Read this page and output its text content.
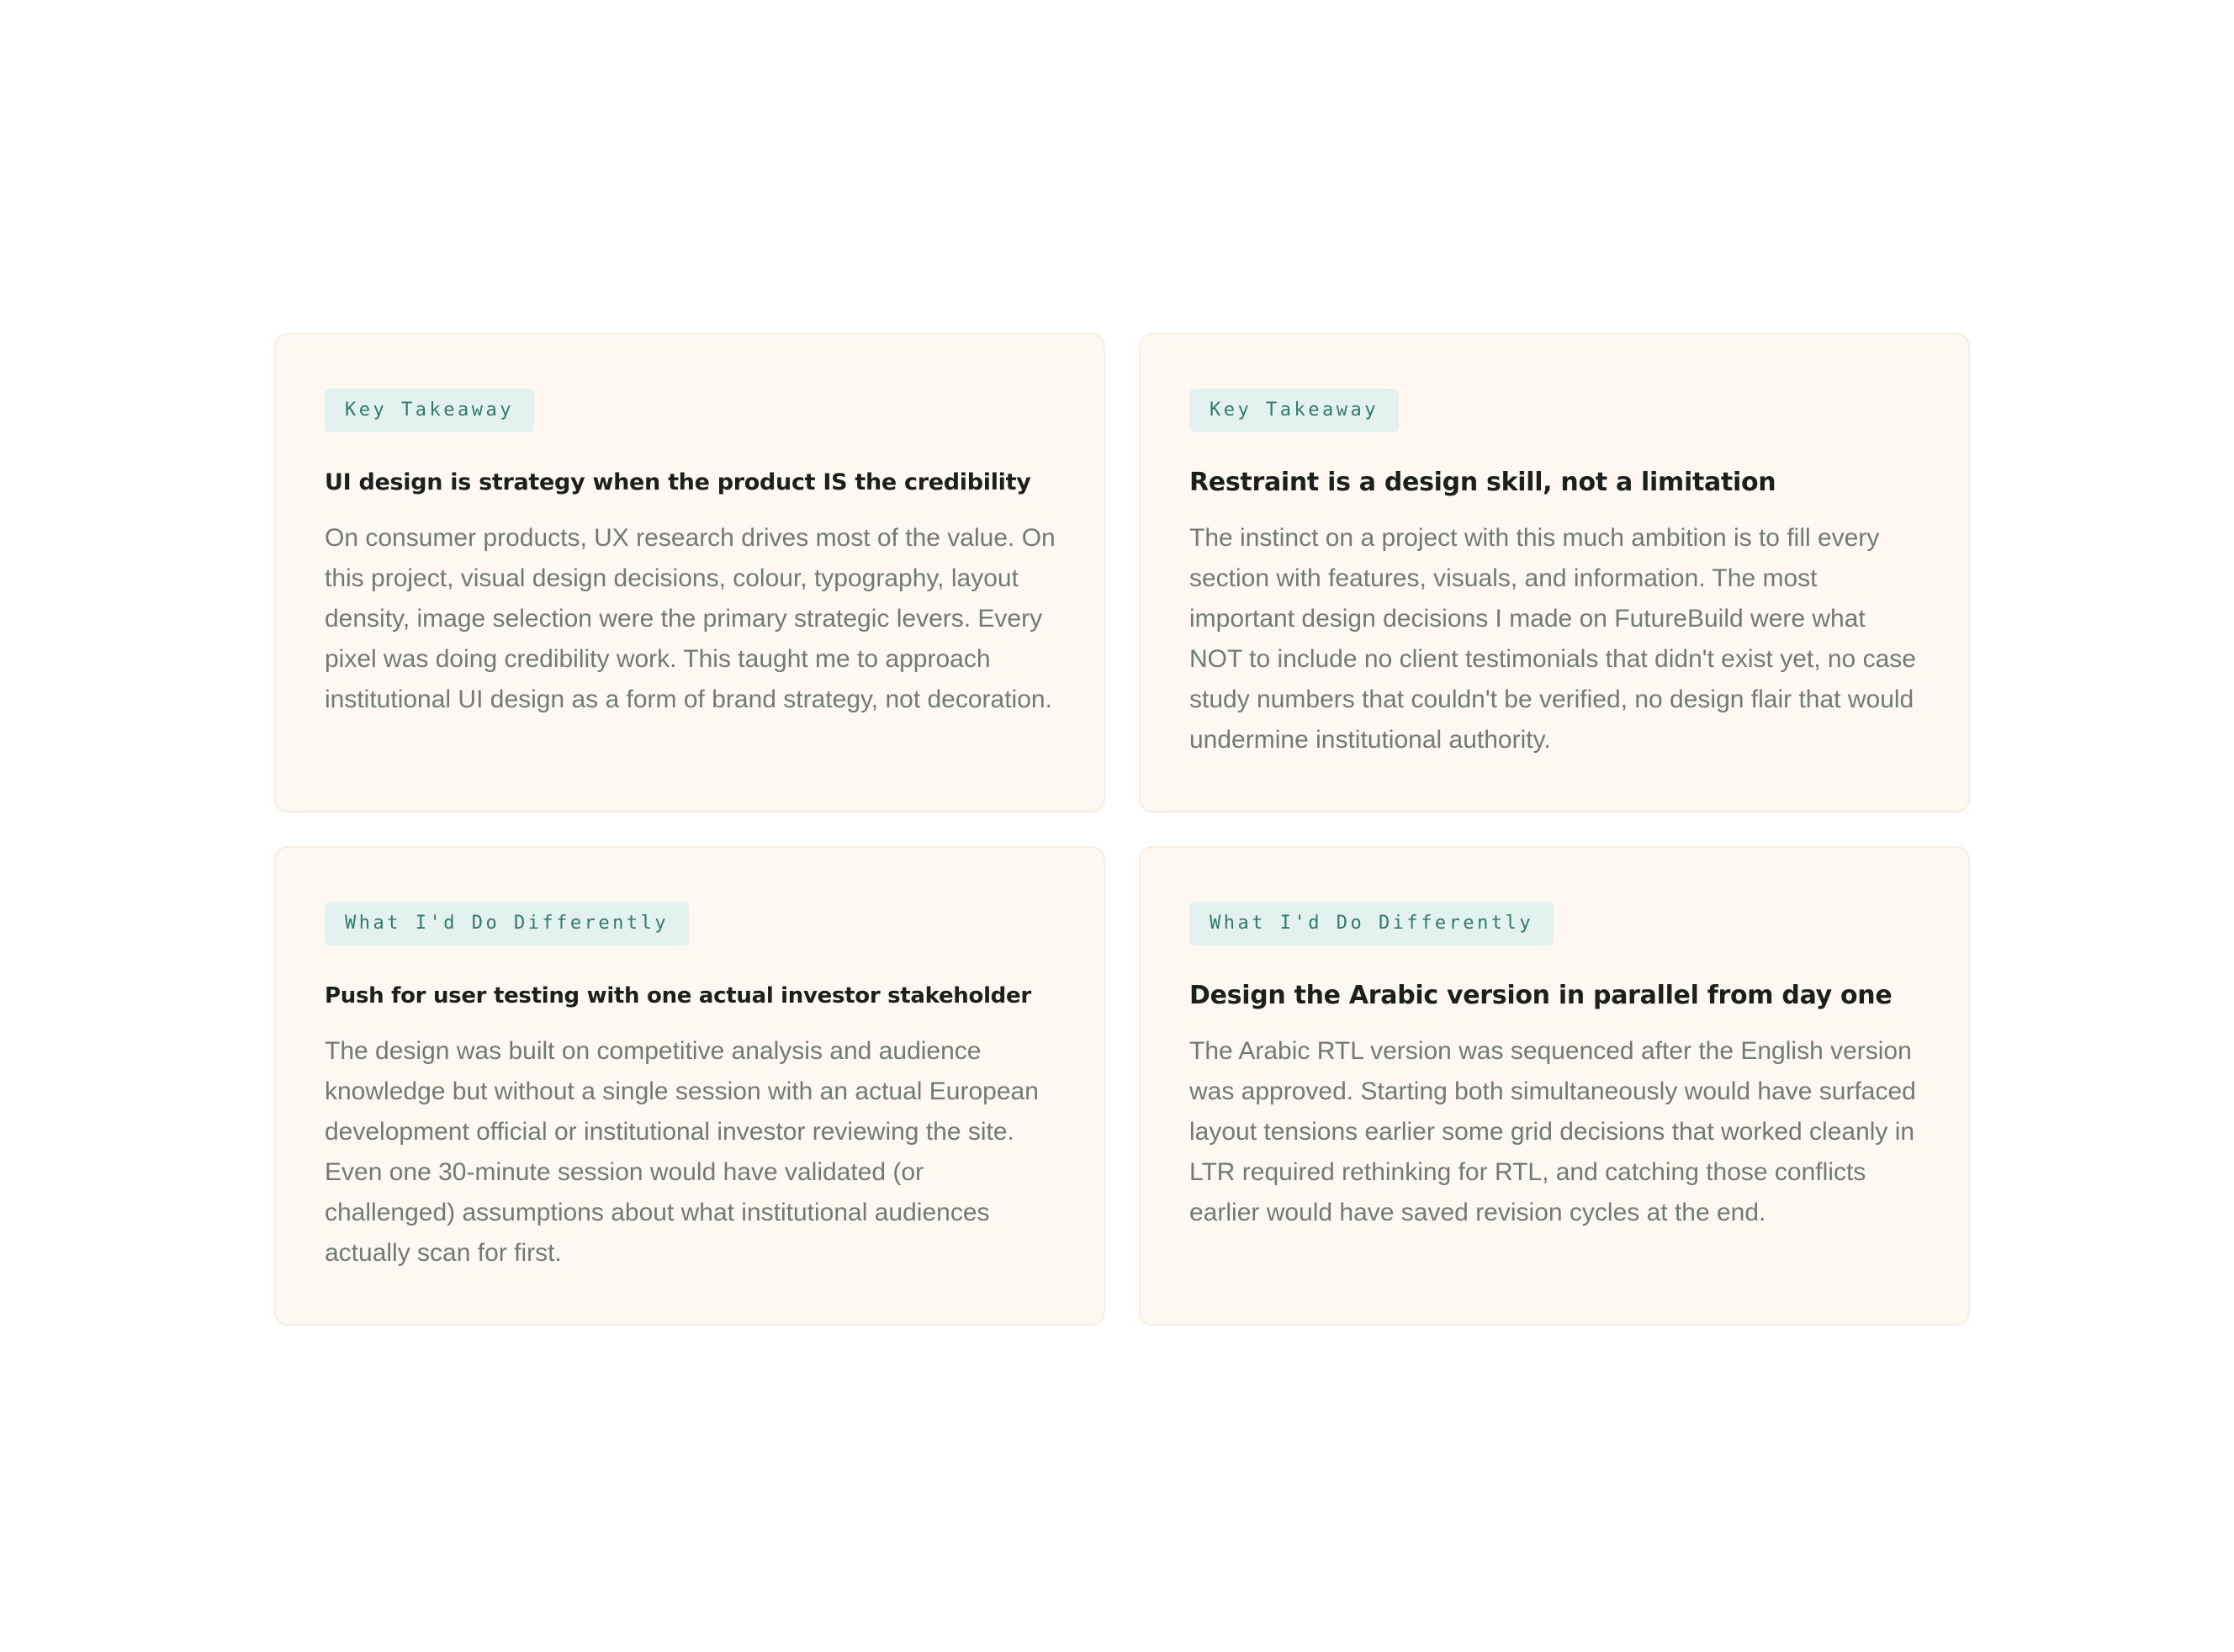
Key Takeaway
UI design is strategy when the product IS the credibility

On consumer products, UX research drives most of the value. On this project, visual design decisions, colour, typography, layout density, image selection were the primary strategic levers. Every pixel was doing credibility work. This taught me to approach institutional UI design as a form of brand strategy, not decoration.

Key Takeaway
Restraint is a design skill, not a limitation

The instinct on a project with this much ambition is to fill every section with features, visuals, and information. The most important design decisions I made on FutureBuild were what NOT to include no client testimonials that didn't exist yet, no case study numbers that couldn't be verified, no design flair that would undermine institutional authority.

What I'd Do Differently
Push for user testing with one actual investor stakeholder

The design was built on competitive analysis and audience knowledge but without a single session with an actual European development official or institutional investor reviewing the site. Even one 30-minute session would have validated (or challenged) assumptions about what institutional audiences actually scan for first.

What I'd Do Differently
Design the Arabic version in parallel from day one

The Arabic RTL version was sequenced after the English version was approved. Starting both simultaneously would have surfaced layout tensions earlier some grid decisions that worked cleanly in LTR required rethinking for RTL, and catching those conflicts earlier would have saved revision cycles at the end.
